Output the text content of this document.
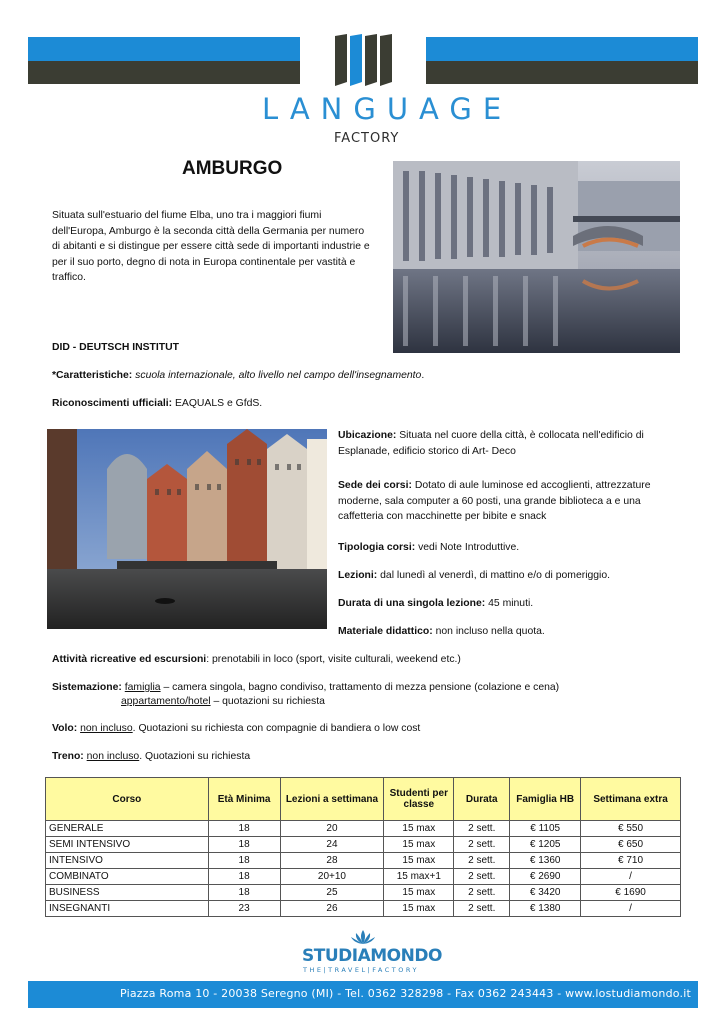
LANGUAGE
FACTORY
AMBURGO

Situata sull'estuario del fiume Elba, uno tra i maggiori fiumi dell'Europa, Amburgo è la seconda città della Germania per numero di abitanti e si distingue per essere città sede di importanti industrie e per il suo porto, degno di nota in Europa continentale per vastità e traffico.

DID - DEUTSCH INSTITUT

*Caratteristiche: scuola internazionale, alto livello nel campo dell'insegnamento.

Riconoscimenti ufficiali: EAQUALS e GfdS.

Ubicazione: Situata nel cuore della città, è collocata nell'edificio di Esplanade, edificio storico di Art- Deco

Sede dei corsi: Dotato di aule luminose ed accoglienti, attrezzature moderne, sala computer a 60 posti, una grande biblioteca a e una caffetteria con macchinette per bibite e snack

Tipologia corsi: vedi Note Introduttive.

Lezioni: dal lunedì al venerdì, di mattino e/o di pomeriggio.

Durata di una singola lezione: 45 minuti.

Materiale didattico: non incluso nella quota.

Attività ricreative ed escursioni: prenotabili in loco (sport, visite culturali, weekend etc.)

Sistemazione: famiglia – camera singola, bagno condiviso, trattamento di mezza pensione (colazione e cena)

appartamento/hotel – quotazioni su richiesta

Volo: non incluso. Quotazioni su richiesta con compagnie di bandiera o low cost

Treno: non incluso. Quotazioni su richiesta

Corso	Età Minima	Lezioni a settimana	Studenti per classe	Durata	Famiglia HB	Settimana extra
GENERALE	18	20	15 max	2 sett.	€ 1105	€ 550
SEMI INTENSIVO	18	24	15 max	2 sett.	€ 1205	€ 650
INTENSIVO	18	28	15 max	2 sett.	€ 1360	€ 710
COMBINATO	18	20+10	15 max+1	2 sett.	€ 2690	/
BUSINESS	18	25	15 max	2 sett.	€ 3420	€ 1690
INSEGNANTI	23	26	15 max	2 sett.	€ 1380	/
STUDIAMONDO
THE|TRAVEL|FACTORY
Piazza Roma 10 - 20038 Seregno (MI) - Tel. 0362 328298 - Fax 0362 243443 - www.lostudiamondo.it
